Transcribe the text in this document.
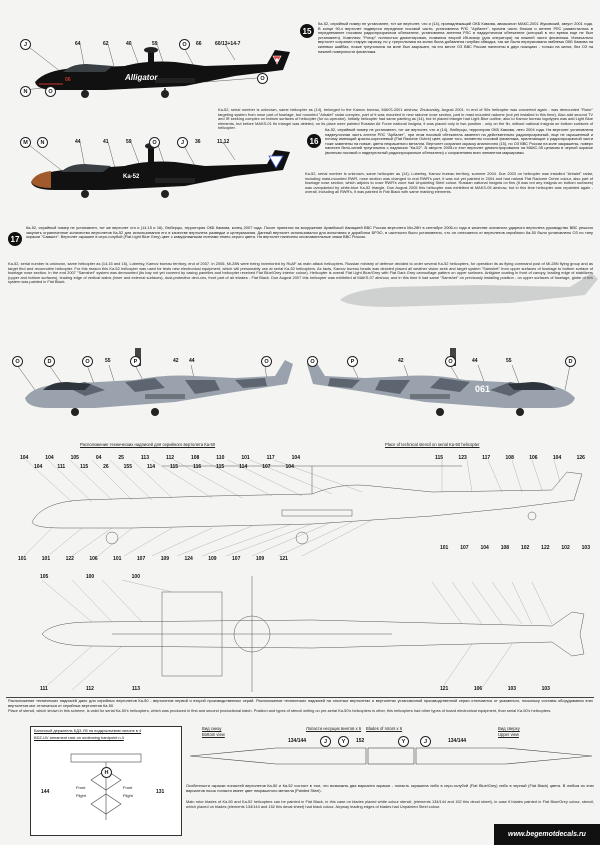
J	64	62	40	59	O	66	60/13+14-7
N	O
O
Alligator
06
15

Ка-52, серийный номер не установлен, тот же вертолет, что и (14), принадлежащий ОКБ Камова, авиасалон МАКС-2001 Жуковский, август 2001 года. В конце 90-х вертолет подвергся переделке носовой части, установлена РЛС "Арбалет", причем часть блоков и антенн РЛС разместилась в переднеминне носовом радиопрозрачном обтекателе, установлена антенна РЛС в надкустичном обтекателе (который в это время еще не был установлен). Комплекс "Ротор" полностью демонтирован, появился второй ИК-визир (для оператора) на нижней части фюзеляжа. Изначально вертолет сохранил старую окраску, но у треугольника на килях была добавлена голубая обводка, так же была перерисована эмблема ОКБ Камова на килевых шайбах, позже треугольник на киле был закрашен, на его месте ОЗ ВВС России нанесены в двух позициях - только на килях, без ОЗ на нижней поверхности фюзеляжа.

Ka-52, serial number is unknown, same helicopter as (14), belonged to the Kamov bureau, MAKS-2001 airshow, Zhukovskiy, August 2001. In end of 90s helicopter was converted again - was demounted "Rotor" targeting system from nose part of fuselage, but mounted "Arbalet" radar complex, part of it was mounted in new radome nose section, part in mast mounted radome (not yet installed in this time). Also add second TV and IR seeking complex on bottom surfaces of helicopter (for co-operator). Initially helicopter had same painting as (14), but tri placed triangle had Light Blue outline, also to Kamov bureau logotypes was add Light Blue elements, but before MAKS-01 fin triangel was deleted, on its place were painted Russian Air Force national insignia, it was placed only in two position - only on the fin, without national insignia on bottom surfaces of helicopter.

Ka-52
M	N	44	41	59	O	J	36	11,12	16

Ка-52, серийный номер не установлен, тот же вертолет, что и (14), Люберцы, территория ОКБ Камова, лето 2004 года. На вертолет установлена надвтулочная часть антенн РЛС "Арбалет", при этом носовой обтекатель заменен на действительно радиопрозрачный, еще не окрашенный и потому имеющий красно-коричневый (Flat Radome Ochre) цвет, кроме того, элементы носовой фюзеляжа, прилегающие к радиопрозрачной части тоже заменены на новые, цвета некрашеного металла. Вертолет сохранил окраску аналогично (15), но ОЗ ВВС России на киле закрашены, поверх нанесен бело-синий треугольник с надписью "Ка-52". В августе 2005-го этот вертолет демонстрировался на МАКС-05 целиком в черной окраске (включая носовой и надвтулочный радиопрозрачные обтекатели) с сохранением всех элементов маркировки.

Ka-52, serial number is unknown, same helicopter as (14), Lubertsy, Kamov bureau territory, summer 2004. Due 2003 on helicopter was installed "Arbalet" radar, including mast-mounted RWR, nose section was changed to real RWR's part, it was not yet painted in 2004 and had natural Flat Radome Ochre colour, also part of fuselage nose section, which adjoins to nose RWR's zone had Unpainting Steel colour. Russian national insignia on fins (it was not any insignia on bottom surfaces) was overpainted by white-blue Ka-52 triangle. Due August 2005 this helicopter was exhibited at MAKS-05 airshow, but in this time helicopter was repainted again - overall, including all RWR's, it was painted in Flat Black with same marking elements.

17

Ка-52, серийный номер не установлен, тот же вертолет что и (14,15 и 16), Люберцы, территория ОКБ Камова, конец 2007 года. После принятия на вооружение Армейской Авиацией ВВС России вертолета Ми-28Н в сентябре 2006-го года в качестве основного ударного вертолета руководство ВВС решило закупить ограниченное количество вертолетов Ка-52 для использования его в качестве вертолета разведки и целеуказания. Данный вертолет использовался для испытания и доработки БРЭО, в частности было установлено, что он отличается от вертолетов серийного Ка-50 было установлено ОЗ по типу окраски "Самшит". Вертолет окрашен в серо-голубой (Flat Light Blue Grey) цвет с камуфляжными пятнами темно-серого цвета. На вертолет нанесены опознавательные знаки ВВС России.

Ka-52, serial number is unknown, same helicopter as (14,15 and 16), Lubertsy, Kamov bureau territory, end of 2007. In 2006, Mi-28N were being inventoried by RuAF as main attack helicopters. Russian ministry of defence decided to order several Ka-52 helicopters, for operation its as flying command post of Mi-28N flying group and as target find and reconnoitre helicopter. For this reason this Ka-52 helicopter was used for tests new electronical equipment, which will presumably use at serial Ka-52 helicopters. As facts, Kamov bureau heads was decided placed all weather vision seek and target system "Samshet" from upper surfaces of fuselage to bottom surface of fuselage nose section. In the end 2007 "Samshet" system was demounted (its bay not yet covered by casing panelles and helicopter received Flat Blue/Grey interior colour). Helicopter is overall Flat Light Blue/Grey with Flat Dark Grey camouflage pattern on upper surfaces. Antiglare coating in front of canopy, leading edge of stabilizers (upper and bottom surfaces), leading edge of vertical wains (inner and external surfaces), dust-protective devi-ces, front part of air intakes - Flat Black. Due August 2007 this helicopter was exhibited at MAKS-07 airshow, and in this time it had same "Samshet" on previously installing position - on upper surfaces of fuselage, globe of this system was painted in Flat Black.

O	D	O	55	P	42 44	O
061
O	P	42	O	44	55	D
Расположение технических надписей для серийного вертолета Ка-50	Place of technical stencil on serial Ka-50 helicopter
104	104	105	04	25	113	112	108	110	101	117	104
104	111	115	26	155	114	115	116	115	114	107	104
115	123	117	108	106	104	126
101	101	122	106	101	107	109	124	109	107	109	121
101 107 104 108 102 122 102 103
105	100	100
111	112	113	121	106	103	103

Расположение технических надписей дано для серийных вертолетов Ка-50 - вертолетов первой и второй производственных серий. Расположение технических надписей на опытных вертолетах и вертолетах установочной производственной серии отличаются от указанного, поскольку составы оборудования этих вертолетов мог отличаться от серийных вертолетов Ка-50.

Place of stencil, which shown in this scheme, is valid for serial Ka-50's helicopters, which was produced in first and second productional batch. Position and types of stencil writing on pre-serial Ka-50's helicopters is other, this helicopters had other types of board electronical equipment, than serial Ka-50's helicopters.

Балочный держатель БДЗ-УВ на подкрыльевом пилоне в 4
BDZ-UV armament rack on underwing hardpoint n.4
H
144	131
Front
Flight
Front
Flight
Вид снизу
Bottom view
Лопасти несущих винтов х 6 Blades of rotors x 6	Вид сверху
Upper view
134/144	J	Y	152	Y	J	134/144

Особенности окраски лопастей вертолетов Ка-50 и Ка-52 состоит в том, что возможны два варианта окраски - лопасть окрашена либо в серо-голубой (Flat Blue/Grey) либо в черный (Flat Black) цвета. В любом из этих вариантов носок лопасти имеет цвет некрашеного металла (Painted Steel).

Main rotor blades of Ka-50 and Ka-52 helicopters can be painted in Flat Black, in this case on blades placed white colour stencil; (elements 134/144 and 152 this decal sheet), in case if blades painted in Flat Blue/Grey colour, stencil, which placed on blades (elements 134/144 and 152 this decal sheet) had black colour. Anyway leading edges of blades had Unpainted Steel colour.

www.begemotdecals.ru
